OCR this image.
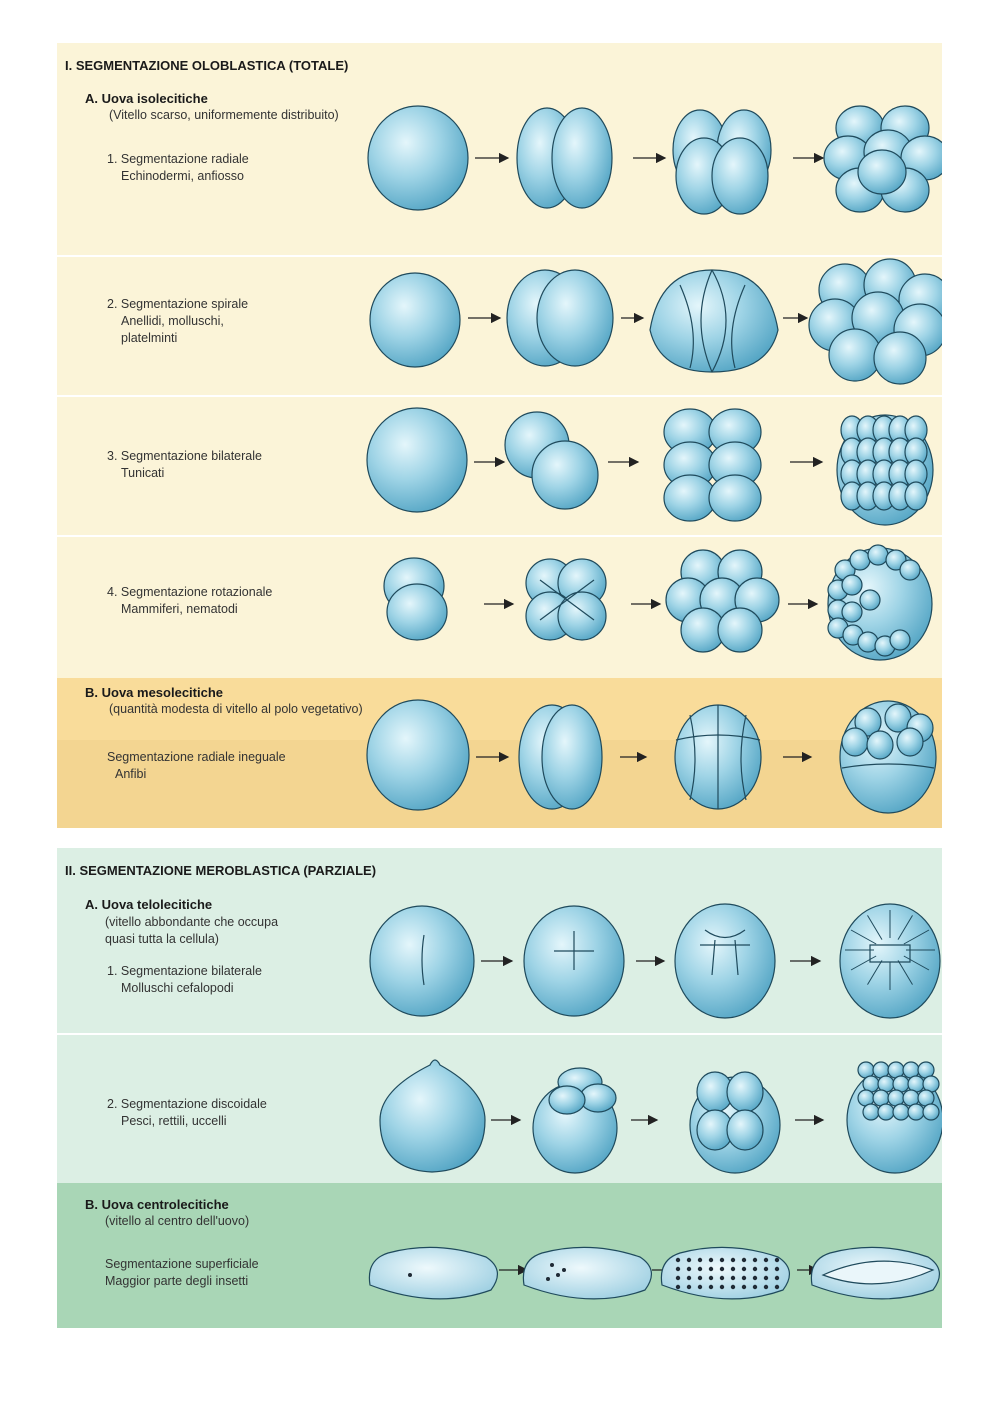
I. SEGMENTAZIONE OLOBLASTICA (TOTALE)
A. Uova isolecitiche
(Vitello scarso, uniformemente distribuito)
1. Segmentazione radiale
Echinodermi, anfiosso
2. Segmentazione spirale
Anellidi, molluschi,
platelminti
3. Segmentazione bilaterale
Tunicati
4. Segmentazione rotazionale
Mammiferi, nematodi
B. Uova mesolecitiche
(quantità modesta di vitello al polo vegetativo)
Segmentazione radiale ineguale
Anfibi
II. SEGMENTAZIONE MEROBLASTICA (PARZIALE)
A. Uova telolecitiche
(vitello abbondante che occupa
quasi tutta la cellula)
1. Segmentazione bilaterale
Molluschi cefalopodi
2. Segmentazione discoidale
Pesci, rettili, uccelli
B. Uova centrolecitiche
(vitello al centro dell'uovo)
Segmentazione superficiale
Maggior parte degli insetti
